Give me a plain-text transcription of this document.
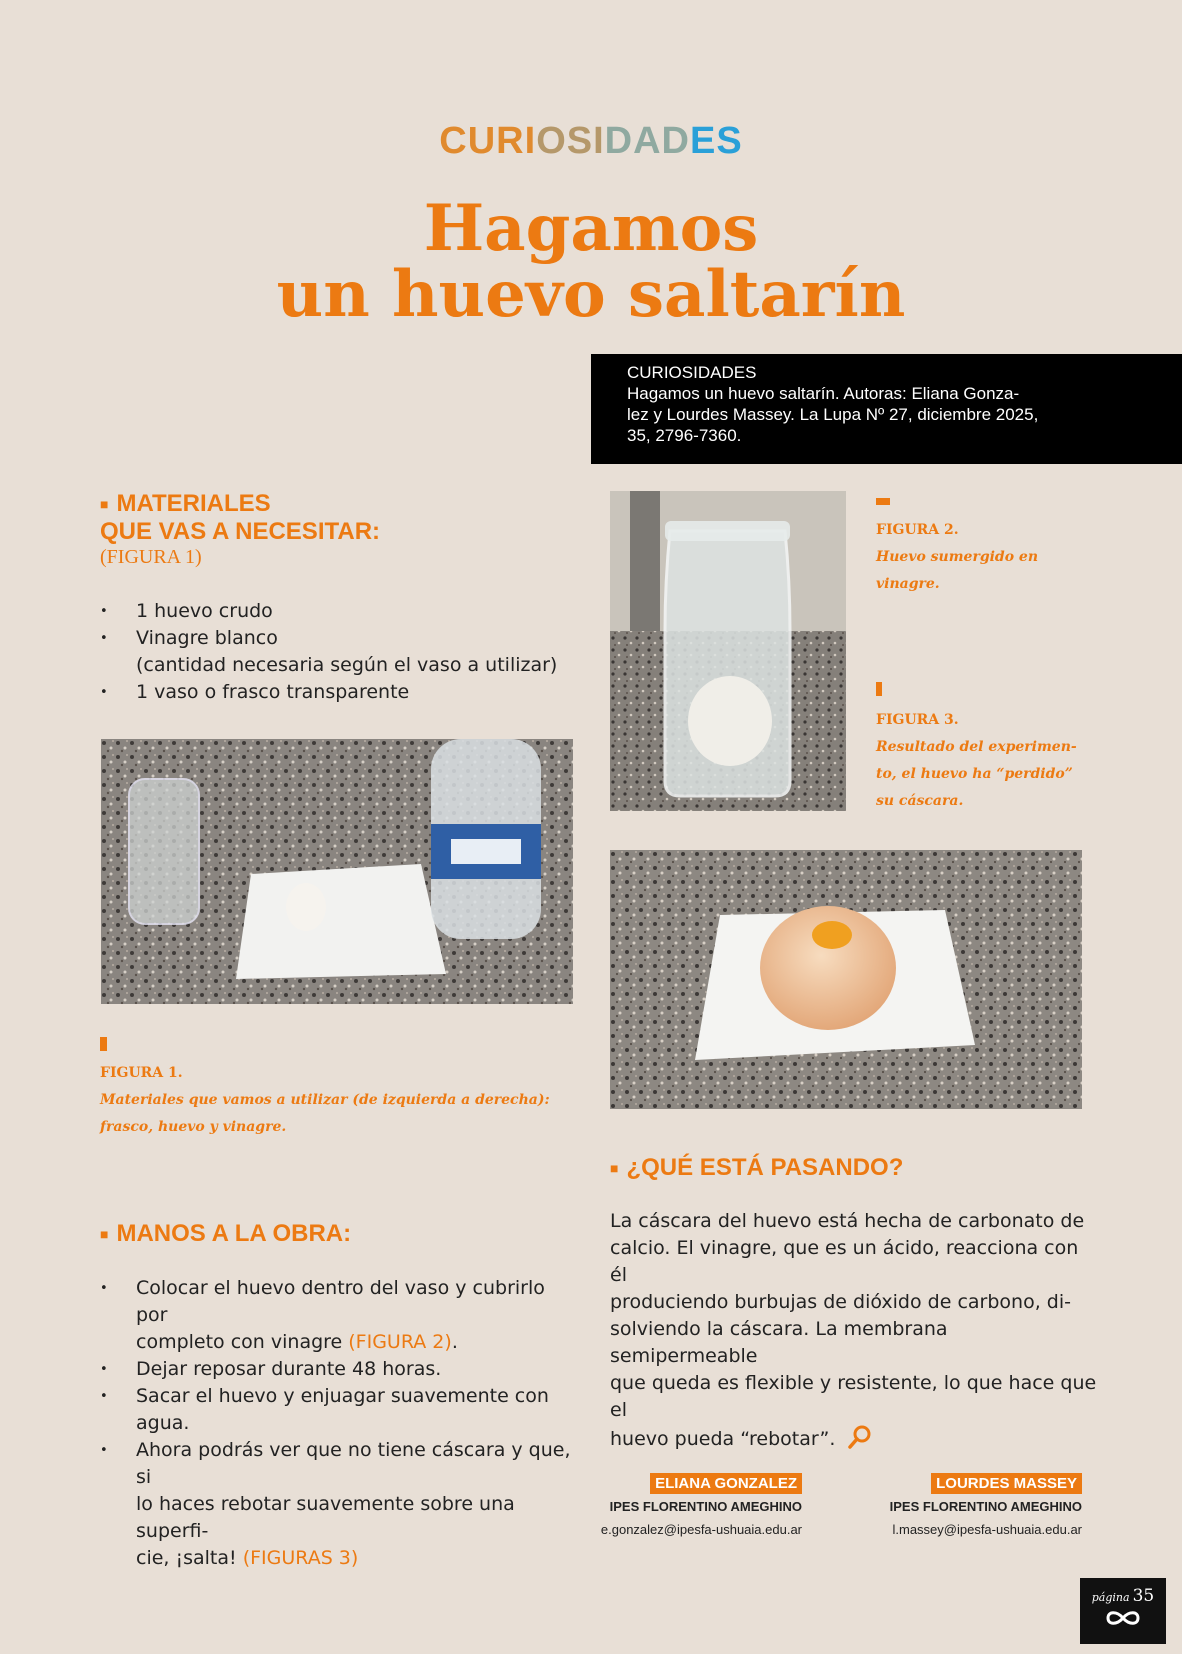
CURIOSIDADES
Hagamos
un huevo saltarín
CURIOSIDADES
Hagamos un huevo saltarín. Autoras: Eliana Gonza-
lez y Lourdes Massey. La Lupa Nº 27, diciembre 2025,
35, 2796-7360.
■ MATERIALES
QUE VAS A NECESITAR:
(FIGURA 1)
• 1 huevo crudo
• Vinagre blanco
(cantidad necesaria según el vaso a utilizar)
• 1 vaso o frasco transparente
FIGURA 1.
Materiales que vamos a utilizar (de izquierda a derecha):
frasco, huevo y vinagre.
FIGURA 2.
Huevo sumergido en
vinagre.
FIGURA 3.
Resultado del experimen-
to, el huevo ha “perdido”
su cáscara.
■ MANOS A LA OBRA:
• Colocar el huevo dentro del vaso y cubrirlo por
completo con vinagre (FIGURA 2).
• Dejar reposar durante 48 horas.
• Sacar el huevo y enjuagar suavemente con
agua.
• Ahora podrás ver que no tiene cáscara y que, si
lo haces rebotar suavemente sobre una superfi-
cie, ¡salta! (FIGURAS 3)
■ ¿QUÉ ESTÁ PASANDO?

La cáscara del huevo está hecha de carbonato de
calcio. El vinagre, que es un ácido, reacciona con él
produciendo burbujas de dióxido de carbono, di-
solviendo la cáscara. La membrana semipermeable
que queda es flexible y resistente, lo que hace que el
huevo pueda “rebotar”.

ELIANA GONZALEZ
IPES FLORENTINO AMEGHINO
e.gonzalez@ipesfa-ushuaia.edu.ar
LOURDES MASSEY
IPES FLORENTINO AMEGHINO
l.massey@ipesfa-ushuaia.edu.ar
página 35
